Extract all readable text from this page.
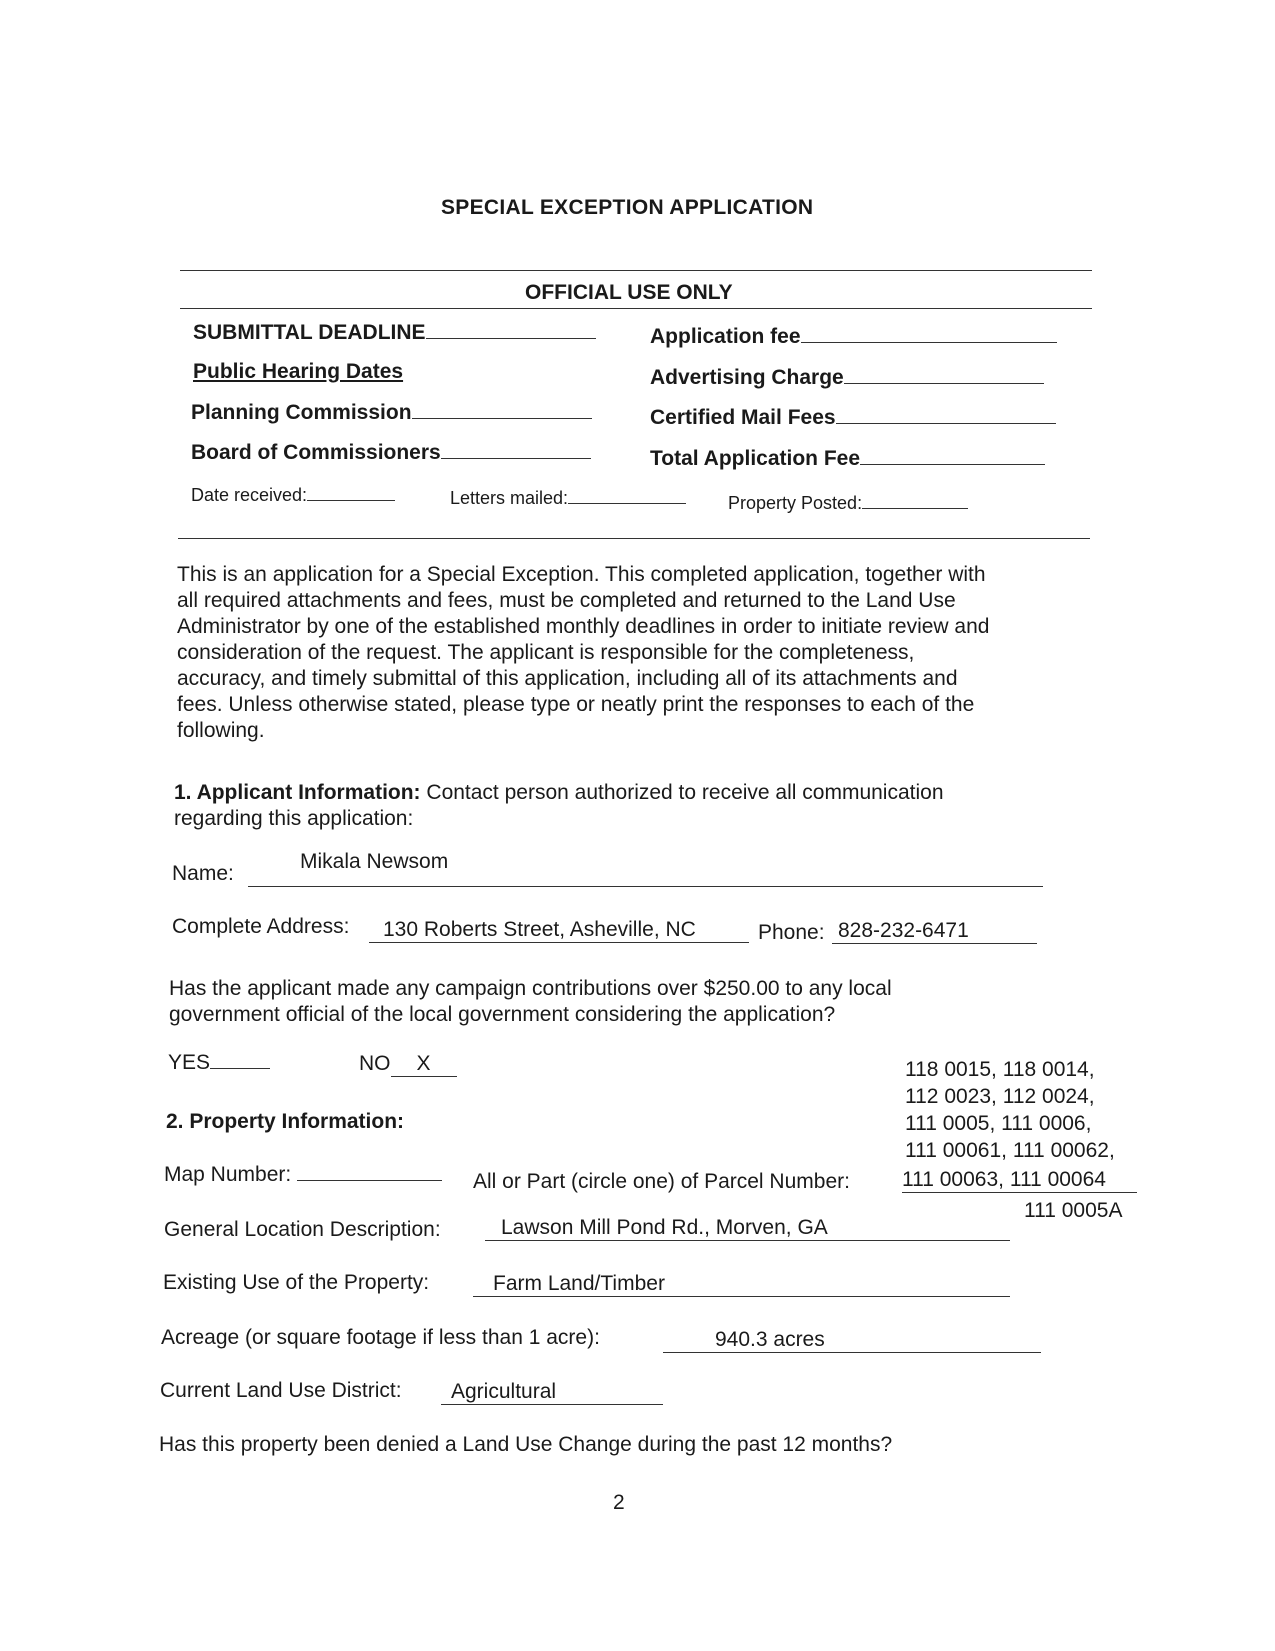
SPECIAL EXCEPTION APPLICATION
OFFICIAL USE ONLY
SUBMITTAL DEADLINE	Application fee
Public Hearing Dates	Advertising Charge
Planning Commission	Certified Mail Fees
Board of Commissioners	Total Application Fee
Date received:	Letters mailed:	Property Posted:
This is an application for a Special Exception. This completed application, together with
all required attachments and fees, must be completed and returned to the Land Use
Administrator by one of the established monthly deadlines in order to initiate review and
consideration of the request. The applicant is responsible for the completeness,
accuracy, and timely submittal of this application, including all of its attachments and
fees. Unless otherwise stated, please type or neatly print the responses to each of the
following.
1. Applicant Information: Contact person authorized to receive all communication
regarding this application:
Name:
Mikala Newsom
Complete Address:	130 Roberts Street, Asheville, NC	Phone: 828-232-6471
Has the applicant made any campaign contributions over $250.00 to any local
government official of the local government considering the application?
YES	NO X
2. Property Information:
118 0015, 118 0014,
112 0023, 112 0024,
111 0005, 111 0006,
111 00061, 111 00062,
Map Number:	All or Part (circle one) of Parcel Number: 111 00063, 111 00064
111 0005A
General Location Description:	Lawson Mill Pond Rd., Morven, GA
Existing Use of the Property:	Farm Land/Timber
Acreage (or square footage if less than 1 acre):	940.3 acres
Current Land Use District:	Agricultural
Has this property been denied a Land Use Change during the past 12 months?
2
